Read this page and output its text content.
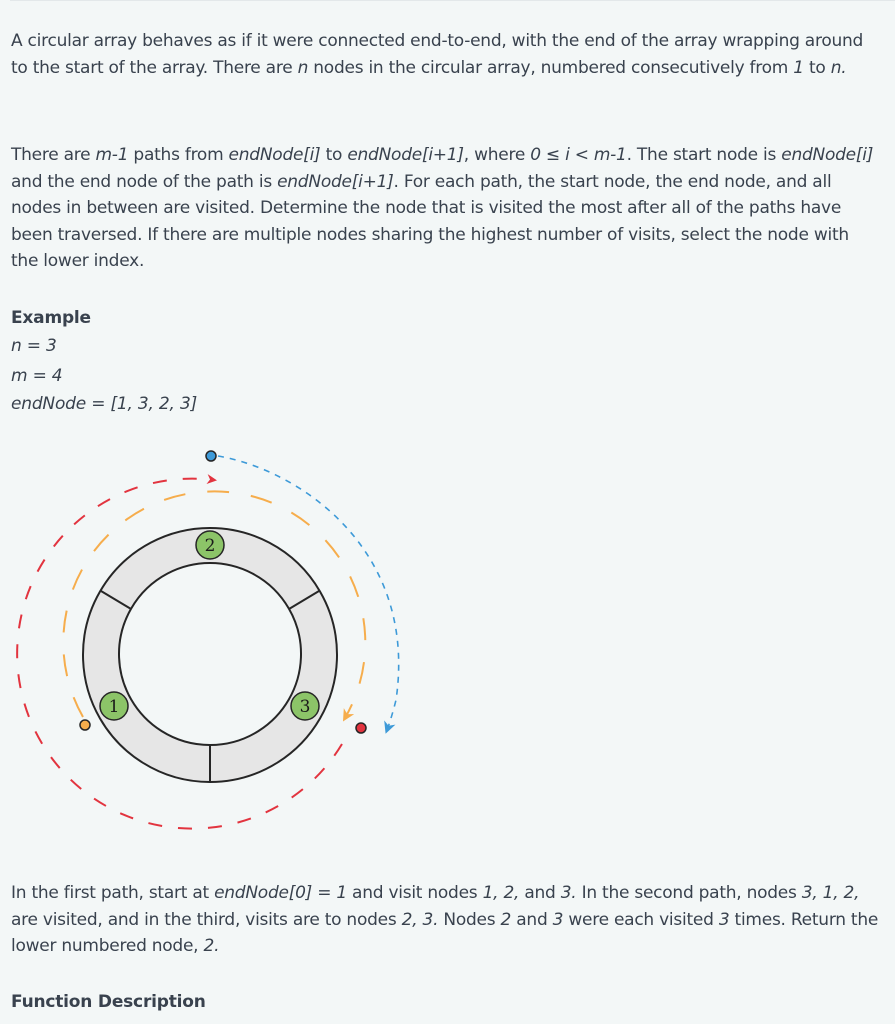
A circular array behaves as if it were connected end-to-end, with the end of the array wrapping around to the start of the array. There are n nodes in the circular array, numbered consecutively from 1 to n.

There are m-1 paths from endNode[i] to endNode[i+1], where 0 ≤ i < m-1. The start node is endNode[i] and the end node of the path is endNode[i+1]. For each path, the start node, the end node, and all nodes in between are visited. Determine the node that is visited the most after all of the paths have been traversed. If there are multiple nodes sharing the highest number of visits, select the node with the lower index.

Example
n = 3
m = 4
endNode = [1, 3, 2, 3]

In the first path, start at endNode[0] = 1 and visit nodes 1, 2, and 3. In the second path, nodes 3, 1, 2, are visited, and in the third, visits are to nodes 2, 3. Nodes 2 and 3 were each visited 3 times. Return the lower numbered node, 2.

Function Description
2
1	3
